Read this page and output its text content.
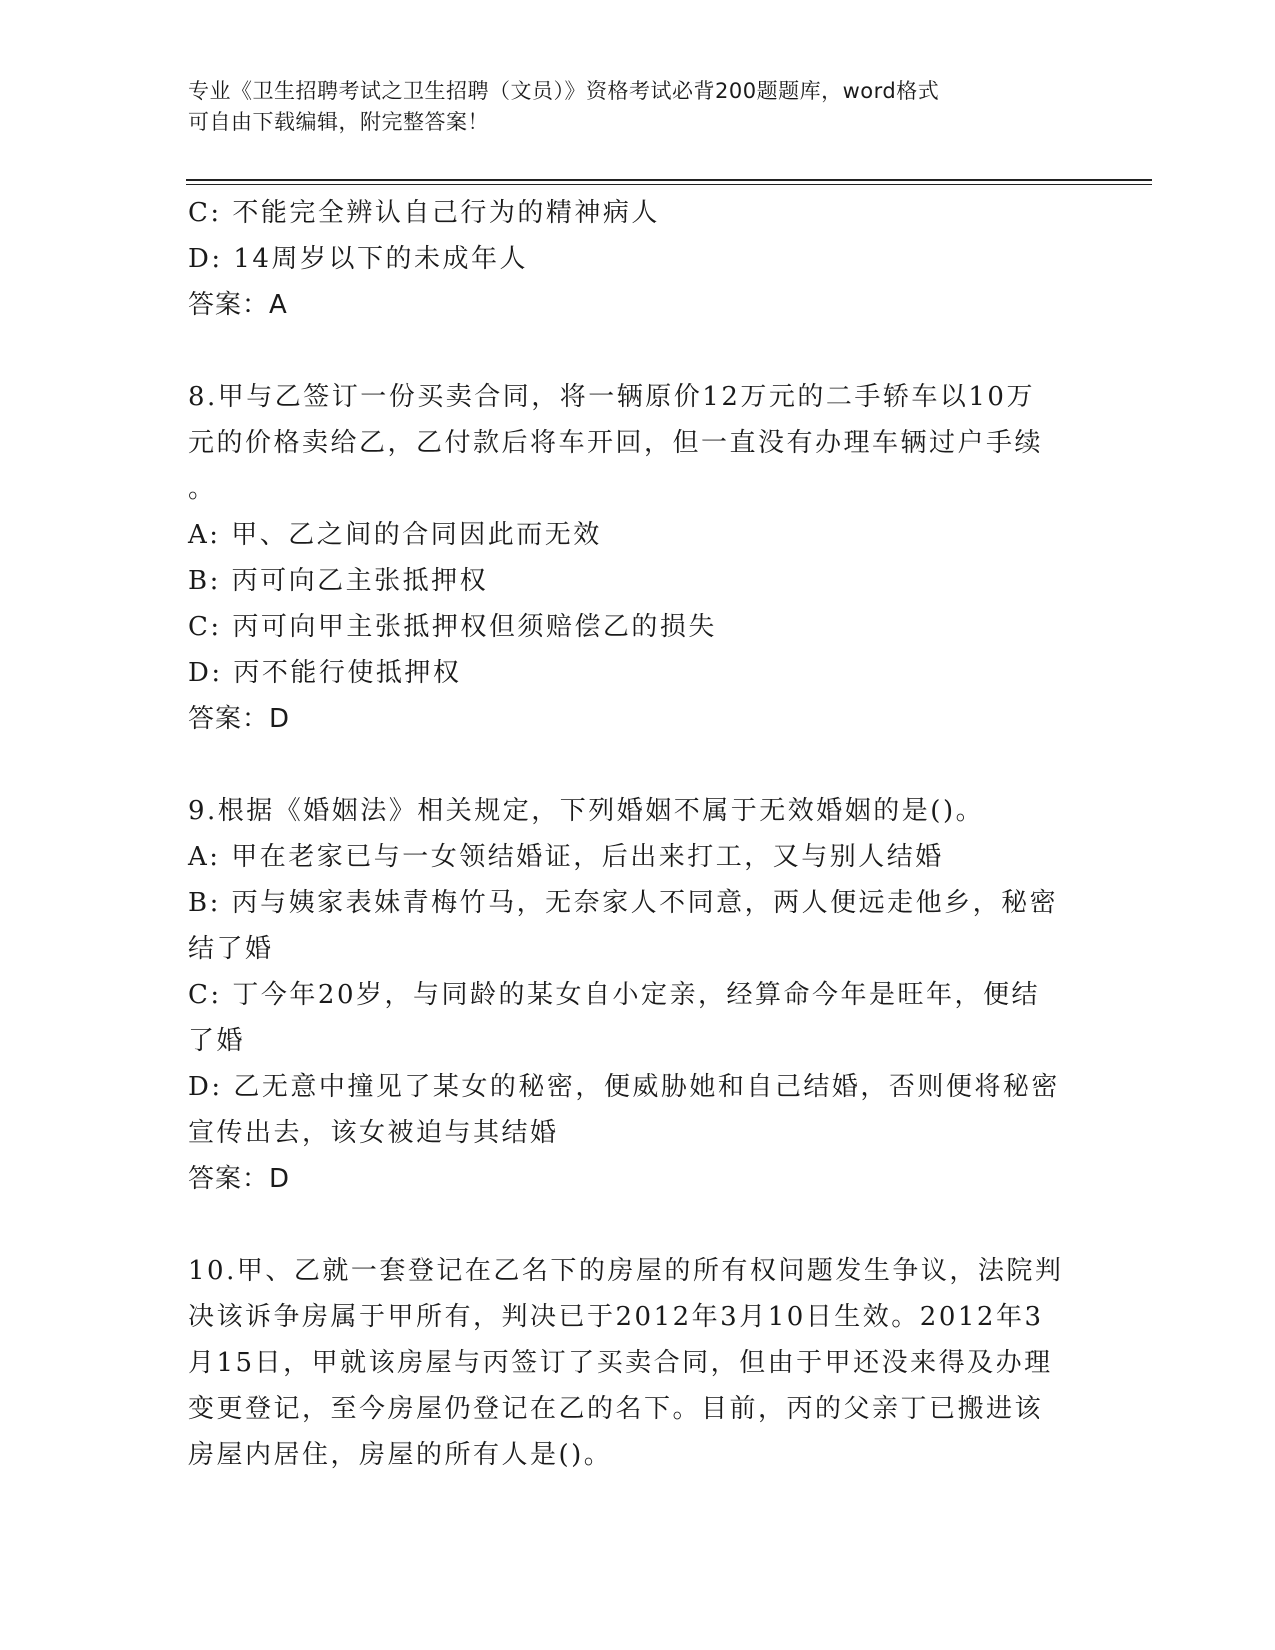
专业《卫生招聘考试之卫生招聘（文员）》资格考试必背200题题库，word格式
可自由下载编辑，附完整答案！
C: 不能完全辨认自己行为的精神病人
D: 14周岁以下的未成年人
答案：A
8.甲与乙签订一份买卖合同，将一辆原价12万元的二手轿车以10万
元的价格卖给乙，乙付款后将车开回，但一直没有办理车辆过户手续
。
A: 甲、乙之间的合同因此而无效
B: 丙可向乙主张抵押权
C: 丙可向甲主张抵押权但须赔偿乙的损失
D: 丙不能行使抵押权
答案：D
9.根据《婚姻法》相关规定，下列婚姻不属于无效婚姻的是()。
A: 甲在老家已与一女领结婚证，后出来打工，又与别人结婚
B: 丙与姨家表妹青梅竹马，无奈家人不同意，两人便远走他乡，秘密
结了婚
C: 丁今年20岁，与同龄的某女自小定亲，经算命今年是旺年，便结
了婚
D: 乙无意中撞见了某女的秘密，便威胁她和自己结婚，否则便将秘密
宣传出去，该女被迫与其结婚
答案：D
10.甲、乙就一套登记在乙名下的房屋的所有权问题发生争议，法院判
决该诉争房属于甲所有，判决已于2012年3月10日生效。2012年3
月15日，甲就该房屋与丙签订了买卖合同，但由于甲还没来得及办理
变更登记，至今房屋仍登记在乙的名下。目前，丙的父亲丁已搬进该
房屋内居住，房屋的所有人是()。
